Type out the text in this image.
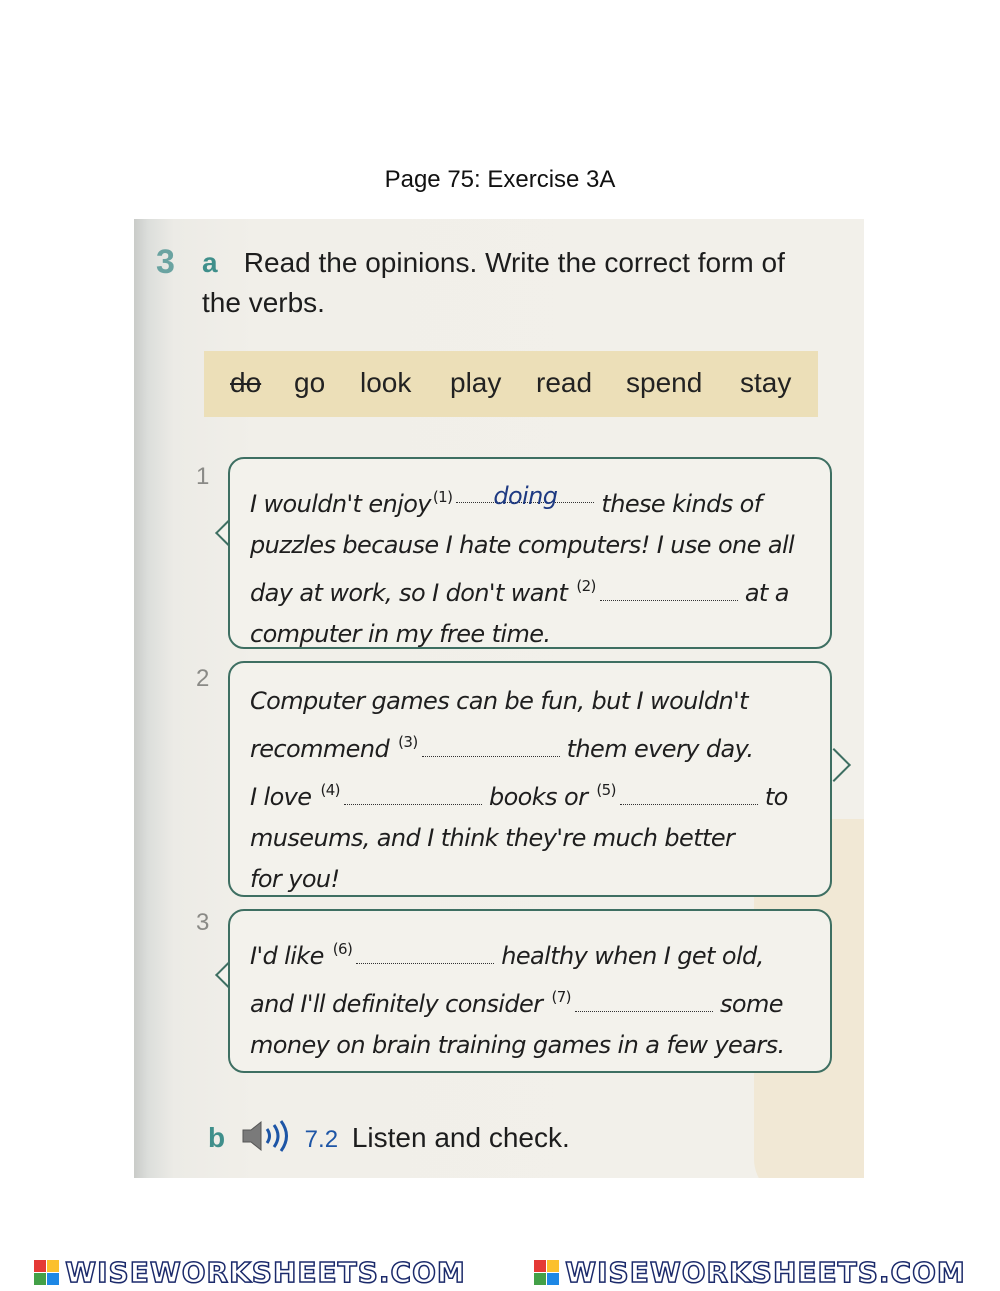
Page 75: Exercise 3A
3 a Read the opinions. Write the correct form of the verbs.
do go look play read spend stay
1

I wouldn't enjoy $^{(1)}$ doing these kinds of

puzzles because I hate computers! I use one all

day at work, so I don't want $^{(2)}$	at a

computer in my free time.

2

Computer games can be fun, but I wouldn't

recommend $^{(3)}$	them every day.

I love $^{(4)}$	books or $^{(5)}$	to

museums, and I think they're much better

for you!

3

I'd like $^{(6)}$	healthy when I get old,

and I'll definitely consider $^{(7)}$	some

money on brain training games in a few years.

b	7.2 Listen and check.
WISEWORKSHEETS.COM	WISEWORKSHEETS.COM
